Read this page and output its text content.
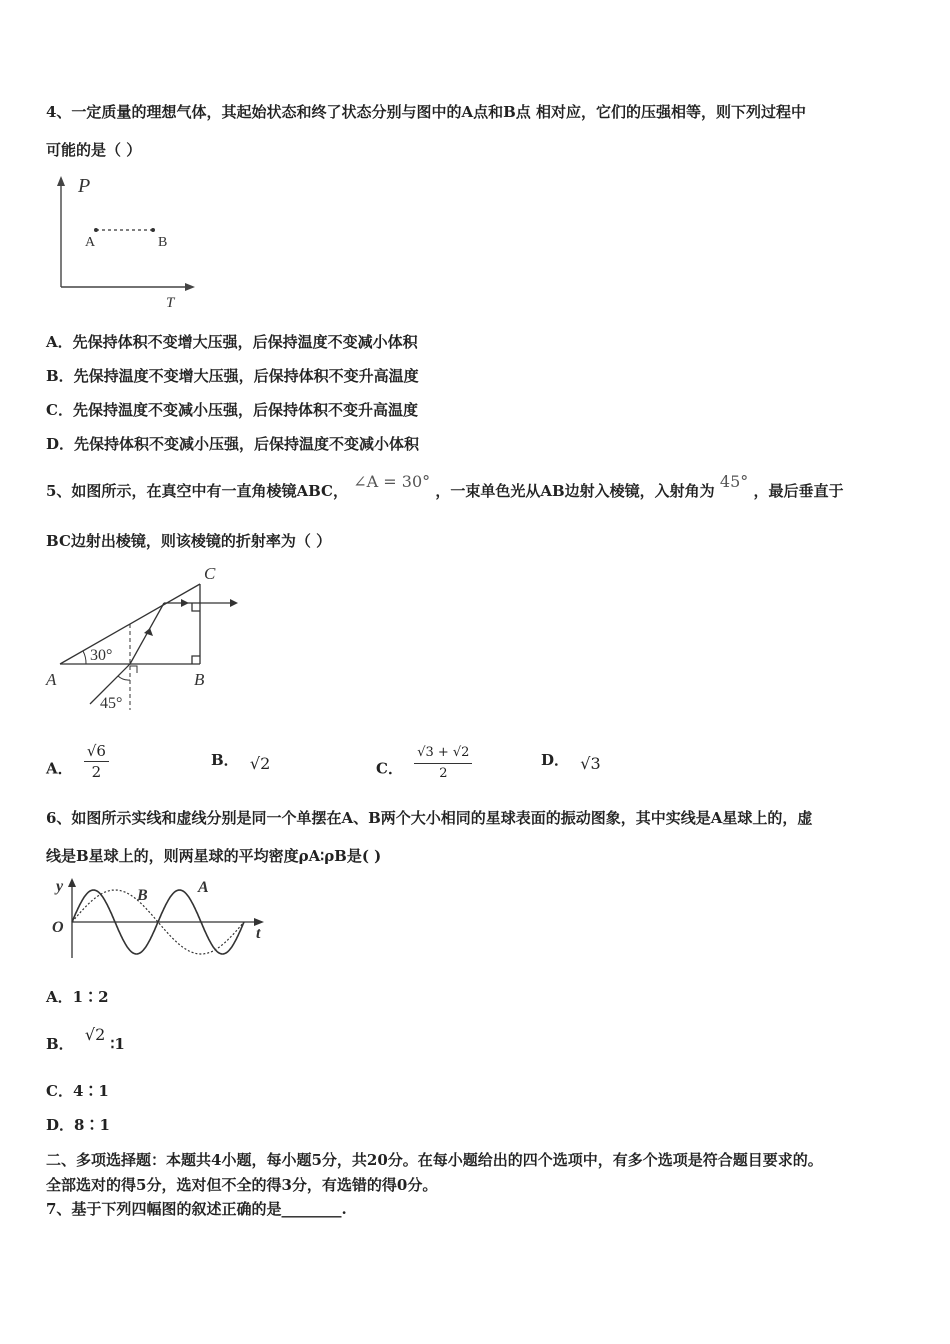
4、一定质量的理想气体，其起始状态和终了状态分别与图中的A点和B点 相对应，它们的压强相等，则下列过程中
可能的是（ ）
P
T
A	B
A．先保持体积不变增大压强，后保持温度不变减小体积
B．先保持温度不变增大压强，后保持体积不变升高温度
C．先保持温度不变减小压强，后保持体积不变升高温度
D．先保持体积不变减小压强，后保持温度不变减小体积
5、如图所示，在真空中有一直角棱镜ABC， ∠A = 30° ，一束单色光从AB边射入棱镜，入射角为 45° ，最后垂直于
BC边射出棱镜，则该棱镜的折射率为（ ）
30°
45°
A	B
C
A． $\frac{√6}{2}$	B． √2	C． $\frac{√3 + √2}{2}$	D． √3
6、如图所示实线和虚线分别是同一个单摆在A、B两个大小相同的星球表面的振动图象，其中实线是A星球上的，虚
线是B星球上的，则两星球的平均密度ρA∶ρB是( )
y
t
O
A
B
A．1∶2
B． √2 ∶1
C．4∶1
D．8∶1
二、多项选择题：本题共4小题，每小题5分，共20分。在每小题给出的四个选项中，有多个选项是符合题目要求的。
全部选对的得5分，选对但不全的得3分，有选错的得0分。
7、基于下列四幅图的叙述正确的是________.
